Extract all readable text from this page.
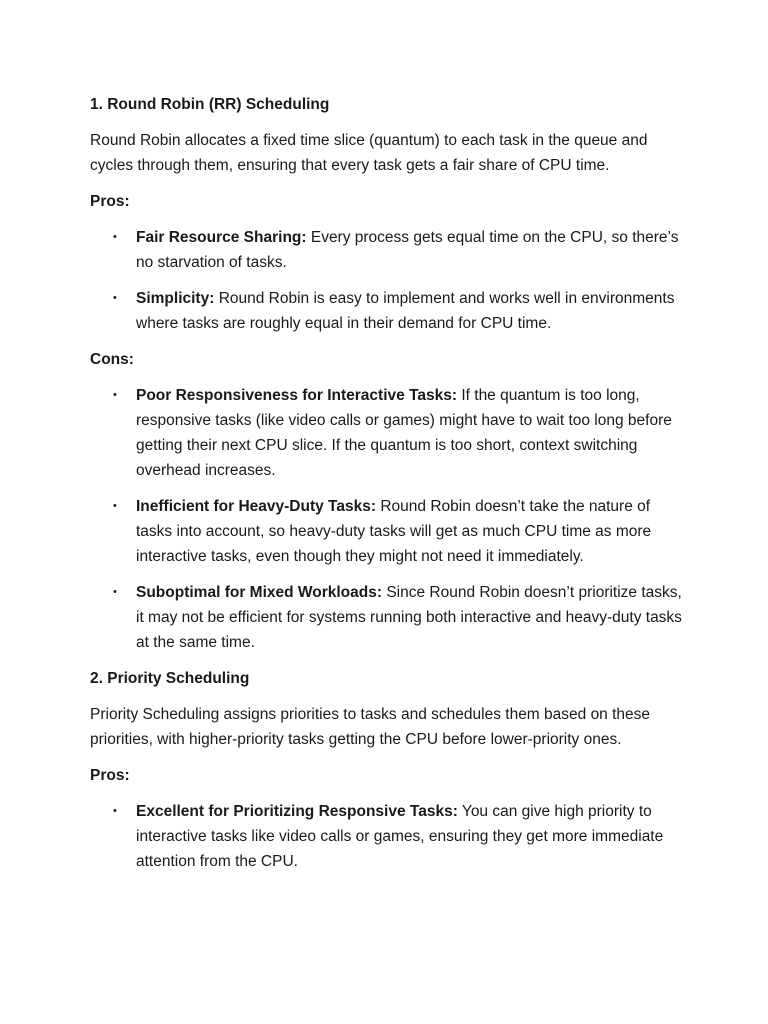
1. Round Robin (RR) Scheduling
Round Robin allocates a fixed time slice (quantum) to each task in the queue and cycles through them, ensuring that every task gets a fair share of CPU time.
Pros:
• Fair Resource Sharing: Every process gets equal time on the CPU, so there’s no starvation of tasks.
• Simplicity: Round Robin is easy to implement and works well in environments where tasks are roughly equal in their demand for CPU time.
Cons:
• Poor Responsiveness for Interactive Tasks: If the quantum is too long, responsive tasks (like video calls or games) might have to wait too long before getting their next CPU slice. If the quantum is too short, context switching overhead increases.
• Inefficient for Heavy-Duty Tasks: Round Robin doesn’t take the nature of tasks into account, so heavy-duty tasks will get as much CPU time as more interactive tasks, even though they might not need it immediately.
• Suboptimal for Mixed Workloads: Since Round Robin doesn’t prioritize tasks, it may not be efficient for systems running both interactive and heavy-duty tasks at the same time.
2. Priority Scheduling
Priority Scheduling assigns priorities to tasks and schedules them based on these priorities, with higher-priority tasks getting the CPU before lower-priority ones.
Pros:
• Excellent for Prioritizing Responsive Tasks: You can give high priority to interactive tasks like video calls or games, ensuring they get more immediate attention from the CPU.
